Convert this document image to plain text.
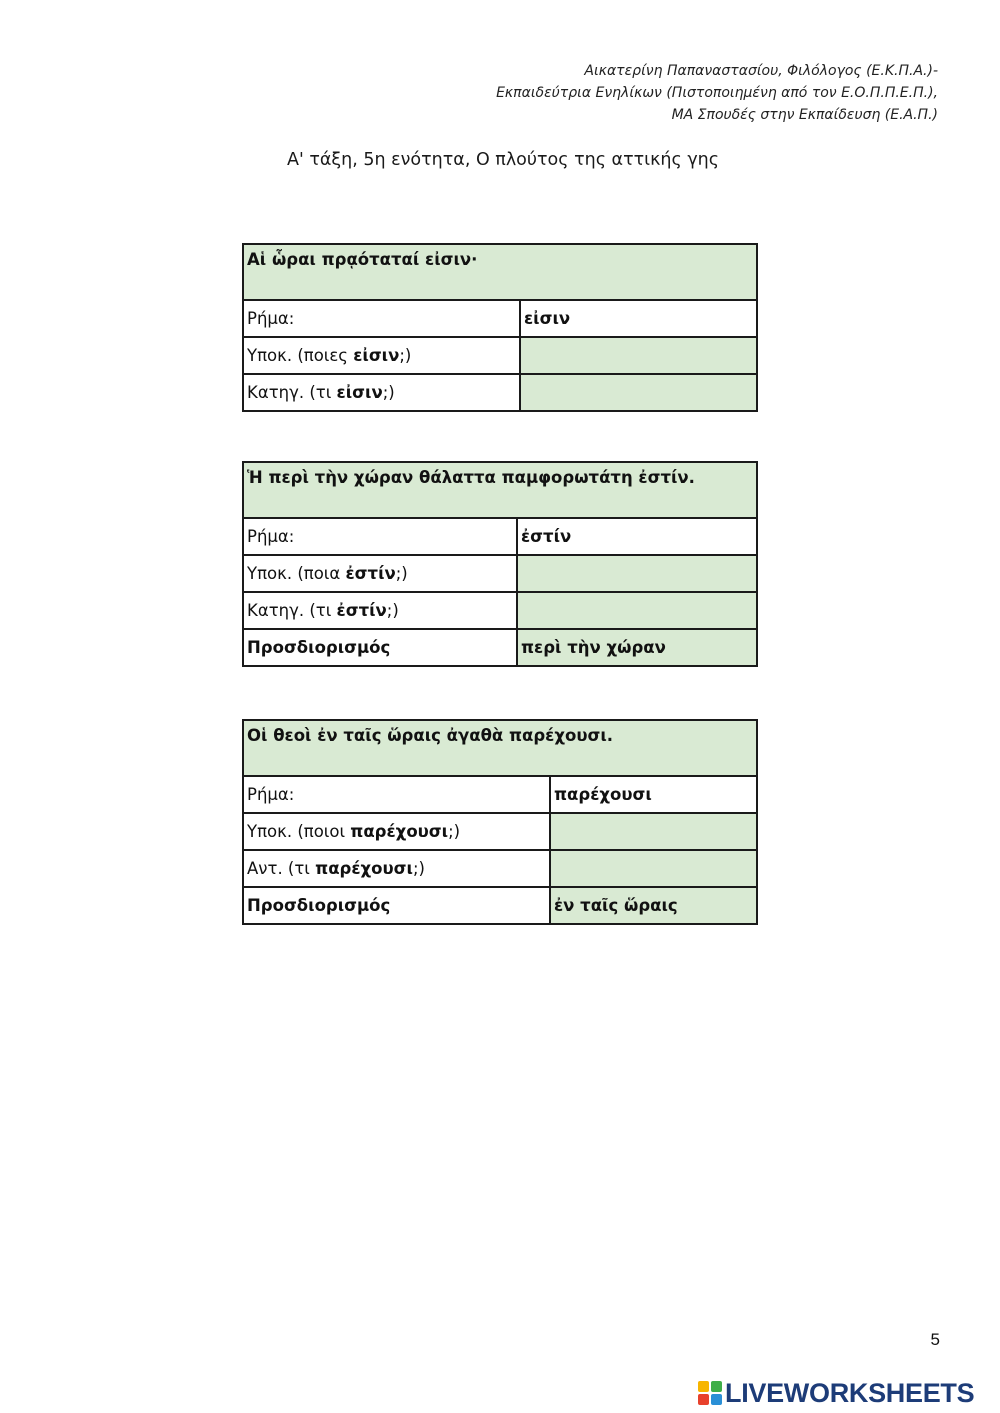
Αικατερίνη Παπαναστασίου, Φιλόλογος (Ε.Κ.Π.Α.)-
Εκπαιδεύτρια Ενηλίκων (Πιστοποιημένη από τον Ε.Ο.Π.Π.Ε.Π.),
ΜΑ Σπουδές στην Εκπαίδευση (Ε.Α.Π.)
Α' τάξη, 5η ενότητα, Ο πλούτος της αττικής γης
Αἱ ὧραι πρᾳόταταί εἰσιν·	
Ρήμα:	εἰσιν
Υποκ. (ποιες εἰσιν;)	
Κατηγ. (τι εἰσιν;)	
Ἡ περὶ τὴν χώραν θάλαττα παμφορωτάτη ἐστίν.	
Ρήμα:	ἐστίν
Υποκ. (ποια ἐστίν;)	
Κατηγ. (τι ἐστίν;)	
Προσδιορισμός	περὶ τὴν χώραν
Οἱ θεοὶ ἐν ταῖς ὥραις ἀγαθὰ παρέχουσι.	
Ρήμα:	παρέχουσι
Υποκ. (ποιοι παρέχουσι;)	
Αντ. (τι παρέχουσι;)	
Προσδιορισμός	ἐν ταῖς ὥραις
5
LIVEWORKSHEETS
